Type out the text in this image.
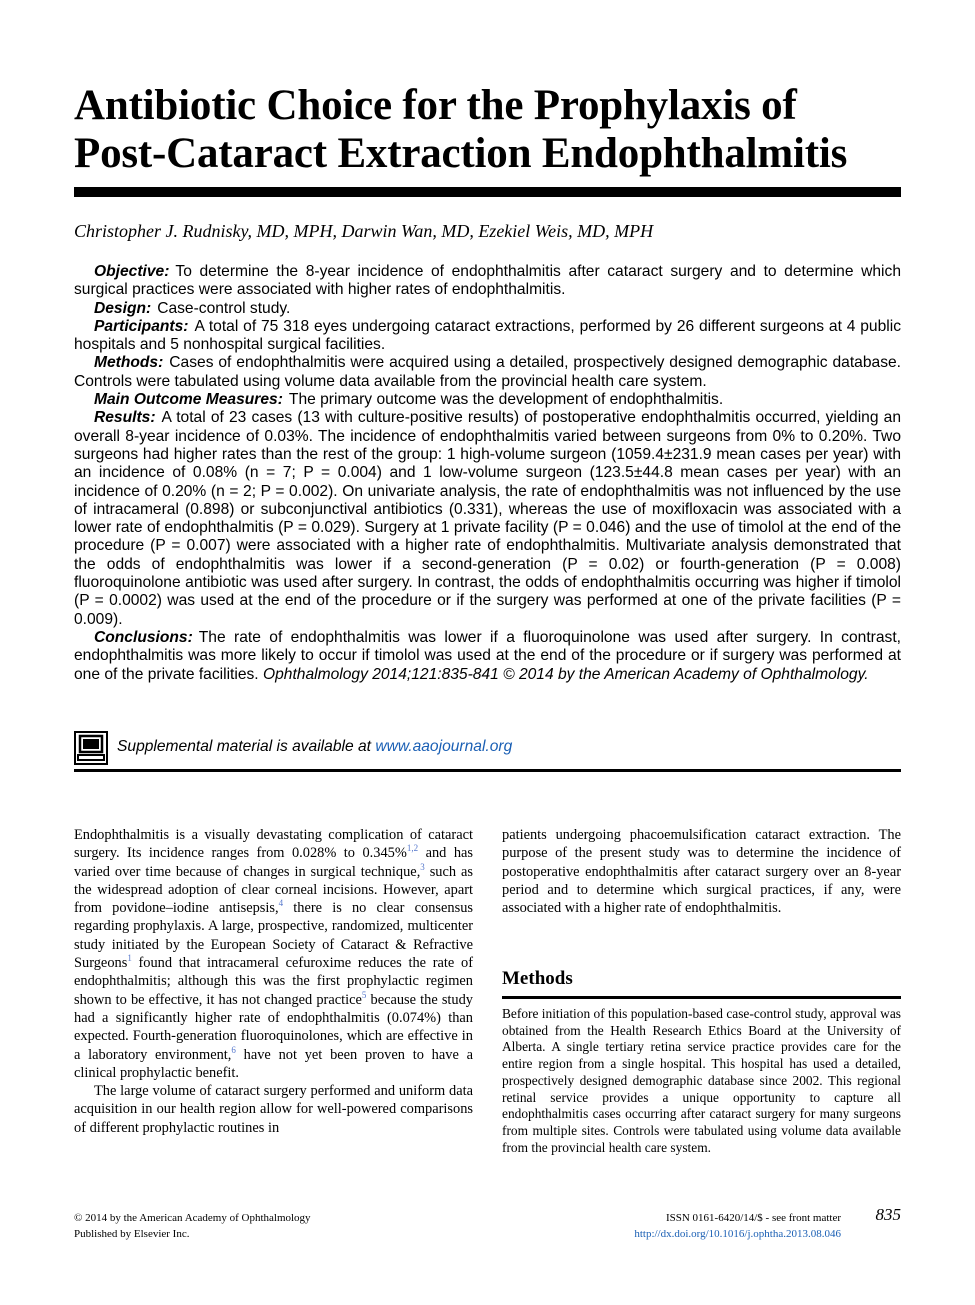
Antibiotic Choice for the Prophylaxis of
Post-Cataract Extraction Endophthalmitis
Christopher J. Rudnisky, MD, MPH, Darwin Wan, MD, Ezekiel Weis, MD, MPH

Objective: To determine the 8-year incidence of endophthalmitis after cataract surgery and to determine which surgical practices were associated with higher rates of endophthalmitis.

Design: Case-control study.

Participants: A total of 75 318 eyes undergoing cataract extractions, performed by 26 different surgeons at 4 public hospitals and 5 nonhospital surgical facilities.

Methods: Cases of endophthalmitis were acquired using a detailed, prospectively designed demographic database. Controls were tabulated using volume data available from the provincial health care system.

Main Outcome Measures: The primary outcome was the development of endophthalmitis.

Results: A total of 23 cases (13 with culture-positive results) of postoperative endophthalmitis occurred, yielding an overall 8-year incidence of 0.03%. The incidence of endophthalmitis varied between surgeons from 0% to 0.20%. Two surgeons had higher rates than the rest of the group: 1 high-volume surgeon (1059.4±231.9 mean cases per year) with an incidence of 0.08% (n = 7; P = 0.004) and 1 low-volume surgeon (123.5±44.8 mean cases per year) with an incidence of 0.20% (n = 2; P = 0.002). On univariate analysis, the rate of endophthalmitis was not influenced by the use of intracameral (0.898) or subconjunctival antibiotics (0.331), whereas the use of moxifloxacin was associated with a lower rate of endophthalmitis (P = 0.029). Surgery at 1 private facility (P = 0.046) and the use of timolol at the end of the procedure (P = 0.007) were associated with a higher rate of endophthalmitis. Multivariate analysis demonstrated that the odds of endophthalmitis was lower if a second-generation (P = 0.02) or fourth-generation (P = 0.008) fluoroquinolone antibiotic was used after surgery. In contrast, the odds of endophthalmitis occurring was higher if timolol (P = 0.0002) was used at the end of the procedure or if the surgery was performed at one of the private facilities (P = 0.009).

Conclusions: The rate of endophthalmitis was lower if a fluoroquinolone was used after surgery. In contrast, endophthalmitis was more likely to occur if timolol was used at the end of the procedure or if surgery was performed at one of the private facilities. Ophthalmology 2014;121:835-841 © 2014 by the American Academy of Ophthalmology.

Supplemental material is available at www.aaojournal.org

Endophthalmitis is a visually devastating complication of cataract surgery. Its incidence ranges from 0.028% to 0.345%$^{1,2}$ and has varied over time because of changes in surgical technique,$^3$ such as the widespread adoption of clear corneal incisions. However, apart from povidone–iodine antisepsis,$^4$ there is no clear consensus regarding prophylaxis. A large, prospective, randomized, multicenter study initiated by the European Society of Cataract & Refractive Surgeons$^1$ found that intracameral cefuroxime reduces the rate of endophthalmitis; although this was the first prophylactic regimen shown to be effective, it has not changed practice$^5$ because the study had a significantly higher rate of endophthalmitis (0.074%) than expected. Fourth-generation fluoroquinolones, which are effective in a laboratory environment,$^6$ have not yet been proven to have a clinical prophylactic benefit.

The large volume of cataract surgery performed and uniform data acquisition in our health region allow for well-powered comparisons of different prophylactic routines in

patients undergoing phacoemulsification cataract extraction. The purpose of the present study was to determine the incidence of postoperative endophthalmitis after cataract surgery over an 8-year period and to determine which surgical practices, if any, were associated with a higher rate of endophthalmitis.

Methods
Before initiation of this population-based case-control study, approval was obtained from the Health Research Ethics Board at the University of Alberta. A single tertiary retina service practice provides care for the entire region from a single hospital. This hospital has used a detailed, prospectively designed demographic database since 2002. This regional retinal service provides a unique opportunity to capture all endophthalmitis cases occurring after cataract surgery for many surgeons from multiple sites. Controls were tabulated using volume data available from the provincial health care system.
© 2014 by the American Academy of Ophthalmology
Published by Elsevier Inc.
ISSN 0161-6420/14/$ - see front matter
http://dx.doi.org/10.1016/j.ophtha.2013.08.046
835
